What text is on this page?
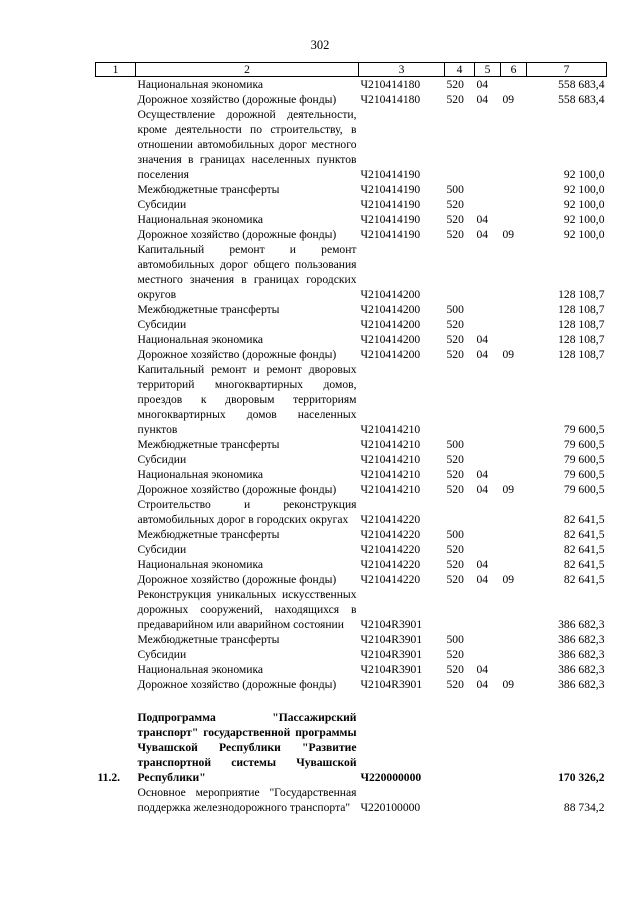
302
1	2	3	4	5	6	7
	Национальная экономика	Ч210414180	520	04		558 683,4
	Дорожное хозяйство (дорожные фонды)	Ч210414180	520	04	09	558 683,4
	Осуществление дорожной деятельности, кроме деятельности по строительству, в отношении автомобильных дорог местного значения в границах населенных пунктов поселения	Ч210414190				92 100,0
	Межбюджетные трансферты	Ч210414190	500			92 100,0
	Субсидии	Ч210414190	520			92 100,0
	Национальная экономика	Ч210414190	520	04		92 100,0
	Дорожное хозяйство (дорожные фонды)	Ч210414190	520	04	09	92 100,0
	Капитальный ремонт и ремонт автомобильных дорог общего пользования местного значения в границах городских округов	Ч210414200				128 108,7
	Межбюджетные трансферты	Ч210414200	500			128 108,7
	Субсидии	Ч210414200	520			128 108,7
	Национальная экономика	Ч210414200	520	04		128 108,7
	Дорожное хозяйство (дорожные фонды)	Ч210414200	520	04	09	128 108,7
	Капитальный ремонт и ремонт дворовых территорий многоквартирных домов, проездов к дворовым территориям многоквартирных домов населенных пунктов	Ч210414210				79 600,5
	Межбюджетные трансферты	Ч210414210	500			79 600,5
	Субсидии	Ч210414210	520			79 600,5
	Национальная экономика	Ч210414210	520	04		79 600,5
	Дорожное хозяйство (дорожные фонды)	Ч210414210	520	04	09	79 600,5
	Строительство и реконструкция автомобильных дорог в городских округах	Ч210414220				82 641,5
	Межбюджетные трансферты	Ч210414220	500			82 641,5
	Субсидии	Ч210414220	520			82 641,5
	Национальная экономика	Ч210414220	520	04		82 641,5
	Дорожное хозяйство (дорожные фонды)	Ч210414220	520	04	09	82 641,5
	Реконструкция уникальных искусственных дорожных сооружений, находящихся в предаварийном или аварийном состоянии	Ч2104R3901				386 682,3
	Межбюджетные трансферты	Ч2104R3901	500			386 682,3
	Субсидии	Ч2104R3901	520			386 682,3
	Национальная экономика	Ч2104R3901	520	04		386 682,3
	Дорожное хозяйство (дорожные фонды)	Ч2104R3901	520	04	09	386 682,3

11.2.	Подпрограмма "Пассажирский транспорт" государственной программы Чувашской Республики "Развитие транспортной системы Чувашской Республики"	Ч220000000				170 326,2
	Основное мероприятие "Государственная поддержка железнодорожного транспорта"	Ч220100000				88 734,2
